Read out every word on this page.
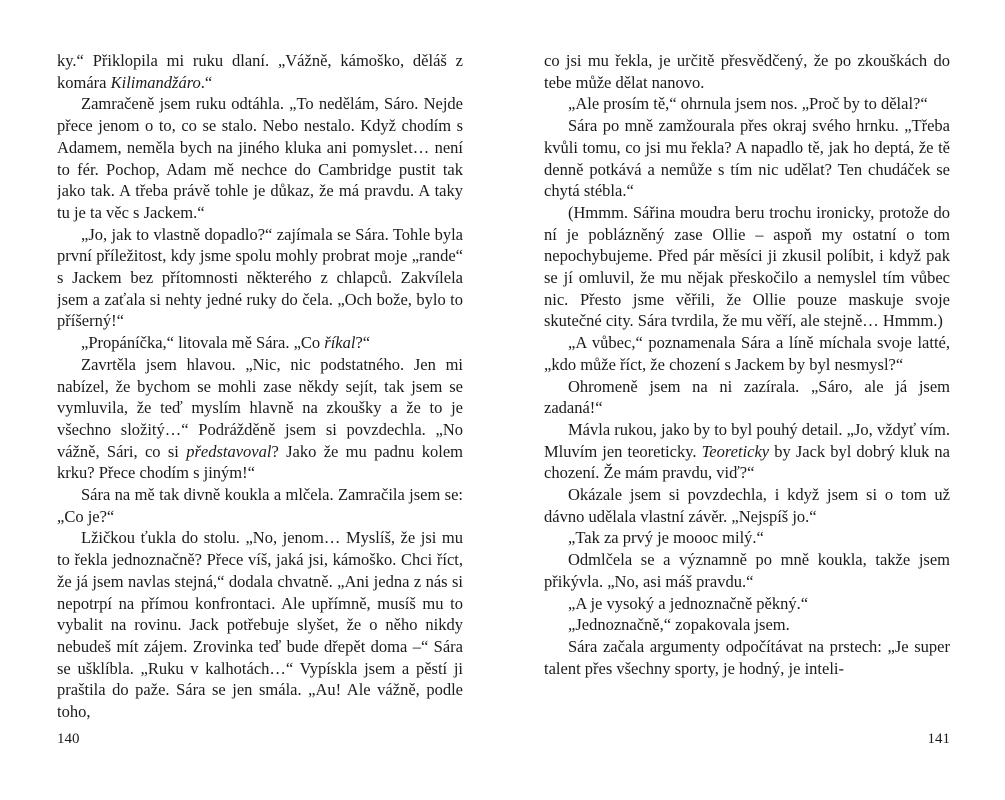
ky.“ Přiklopila mi ruku dlaní. „Vážně, kámoško, děláš z komára Kilimandžáro.“

Zamračeně jsem ruku odtáhla. „To nedělám, Sáro. Nejde přece jenom o to, co se stalo. Nebo nestalo. Když chodím s Adamem, neměla bych na jiného kluka ani pomyslet… není to fér. Pochop, Adam mě nechce do Cambridge pustit tak jako tak. A třeba právě tohle je důkaz, že má pravdu. A taky tu je ta věc s Jackem.“

„Jo, jak to vlastně dopadlo?“ zajímala se Sára. Tohle byla první příležitost, kdy jsme spolu mohly probrat moje „rande“ s Jackem bez přítomnosti některého z chlapců. Zakvílela jsem a zaťala si nehty jedné ruky do čela. „Och bože, bylo to příšerný!“

„Propáníčka,“ litovala mě Sára. „Co říkal?“

Zavrtěla jsem hlavou. „Nic, nic podstatného. Jen mi nabízel, že bychom se mohli zase někdy sejít, tak jsem se vymluvila, že teď myslím hlavně na zkoušky a že to je všechno složitý…“ Podrážděně jsem si povzdechla. „No vážně, Sári, co si představoval? Jako že mu padnu kolem krku? Přece chodím s jiným!“

Sára na mě tak divně koukla a mlčela. Zamračila jsem se: „Co je?“

Lžičkou ťukla do stolu. „No, jenom… Myslíš, že jsi mu to řekla jednoznačně? Přece víš, jaká jsi, kámoško. Chci říct, že já jsem navlas stejná,“ dodala chvatně. „Ani jedna z nás si nepotrpí na přímou konfrontaci. Ale upřímně, musíš mu to vybalit na rovinu. Jack potřebuje slyšet, že o něho nikdy nebudeš mít zájem. Zrovinka teď bude dřepět doma –“ Sára se ušklíbla. „Ruku v kalhotách…“ Vypískla jsem a pěstí ji praštila do paže. Sára se jen smála. „Au! Ale vážně, podle toho,

co jsi mu řekla, je určitě přesvědčený, že po zkouškách do tebe může dělat nanovo.

„Ale prosím tě,“ ohrnula jsem nos. „Proč by to dělal?“

Sára po mně zamžourala přes okraj svého hrnku. „Třeba kvůli tomu, co jsi mu řekla? A napadlo tě, jak ho deptá, že tě denně potkává a nemůže s tím nic udělat? Ten chudáček se chytá stébla.“

(Hmmm. Sářina moudra beru trochu ironicky, protože do ní je poblázněný zase Ollie – aspoň my ostatní o tom nepochybujeme. Před pár měsíci ji zkusil políbit, i když pak se jí omluvil, že mu nějak přeskočilo a nemyslel tím vůbec nic. Přesto jsme věřili, že Ollie pouze maskuje svoje skutečné city. Sára tvrdila, že mu věří, ale stejně… Hmmm.)

„A vůbec,“ poznamenala Sára a líně míchala svoje latté, „kdo může říct, že chození s Jackem by byl nesmysl?“

Ohromeně jsem na ni zazírala. „Sáro, ale já jsem zadaná!“

Mávla rukou, jako by to byl pouhý detail. „Jo, vždyť vím. Mluvím jen teoreticky. Teoreticky by Jack byl dobrý kluk na chození. Že mám pravdu, viď?“

Okázale jsem si povzdechla, i když jsem si o tom už dávno udělala vlastní závěr. „Nejspíš jo.“

„Tak za prvý je moooc milý.“

Odmlčela se a významně po mně koukla, takže jsem přikývla. „No, asi máš pravdu.“

„A je vysoký a jednoznačně pěkný.“

„Jednoznačně,“ zopakovala jsem.

Sára začala argumenty odpočítávat na prstech: „Je super talent přes všechny sporty, je hodný, je inteli-

140	141
